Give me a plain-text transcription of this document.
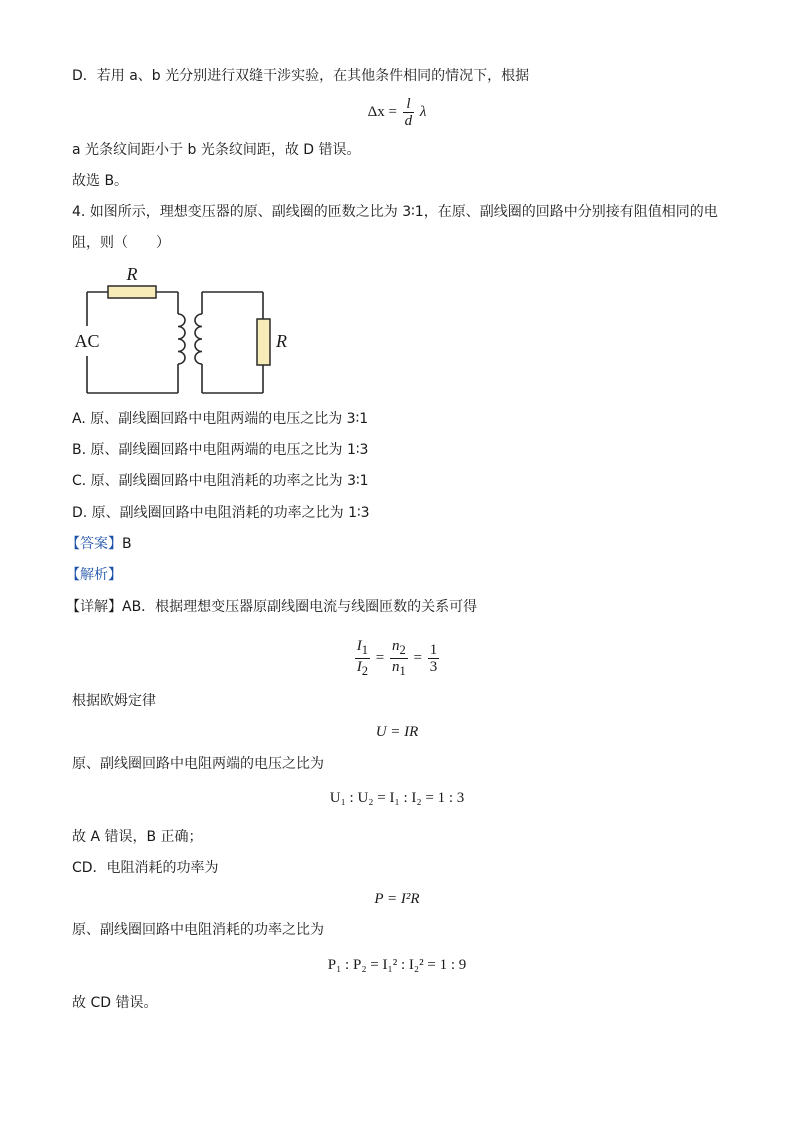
D．若用 a、b 光分别进行双缝干涉实验，在其他条件相同的情况下，根据
$\Delta x = \frac{l}{d}$ λ
a 光条纹间距小于 b 光条纹间距，故 D 错误。
故选 B。
4. 如图所示，理想变压器的原、副线圈的匝数之比为 3∶1，在原、副线圈的回路中分别接有阻值相同的电
阻，则（　　）
R
AC	R
A. 原、副线圈回路中电阻两端的电压之比为 3∶1
B. 原、副线圈回路中电阻两端的电压之比为 1∶3
C. 原、副线圈回路中电阻消耗的功率之比为 3∶1
D. 原、副线圈回路中电阻消耗的功率之比为 1∶3
【答案】B
【解析】
【详解】AB．根据理想变压器原副线圈电流与线圈匝数的关系可得
$\frac{I_1}{I_2} = \frac{n_2}{n_1} = \frac{1}{3}$
根据欧姆定律
U = IR
原、副线圈回路中电阻两端的电压之比为
U₁ : U₂ = I₁ : I₂ = 1 : 3
故 A 错误，B 正确；
CD．电阻消耗的功率为
P = I²R
原、副线圈回路中电阻消耗的功率之比为
P₁ : P₂ = I₁² : I₂² = 1 : 9
故 CD 错误。
